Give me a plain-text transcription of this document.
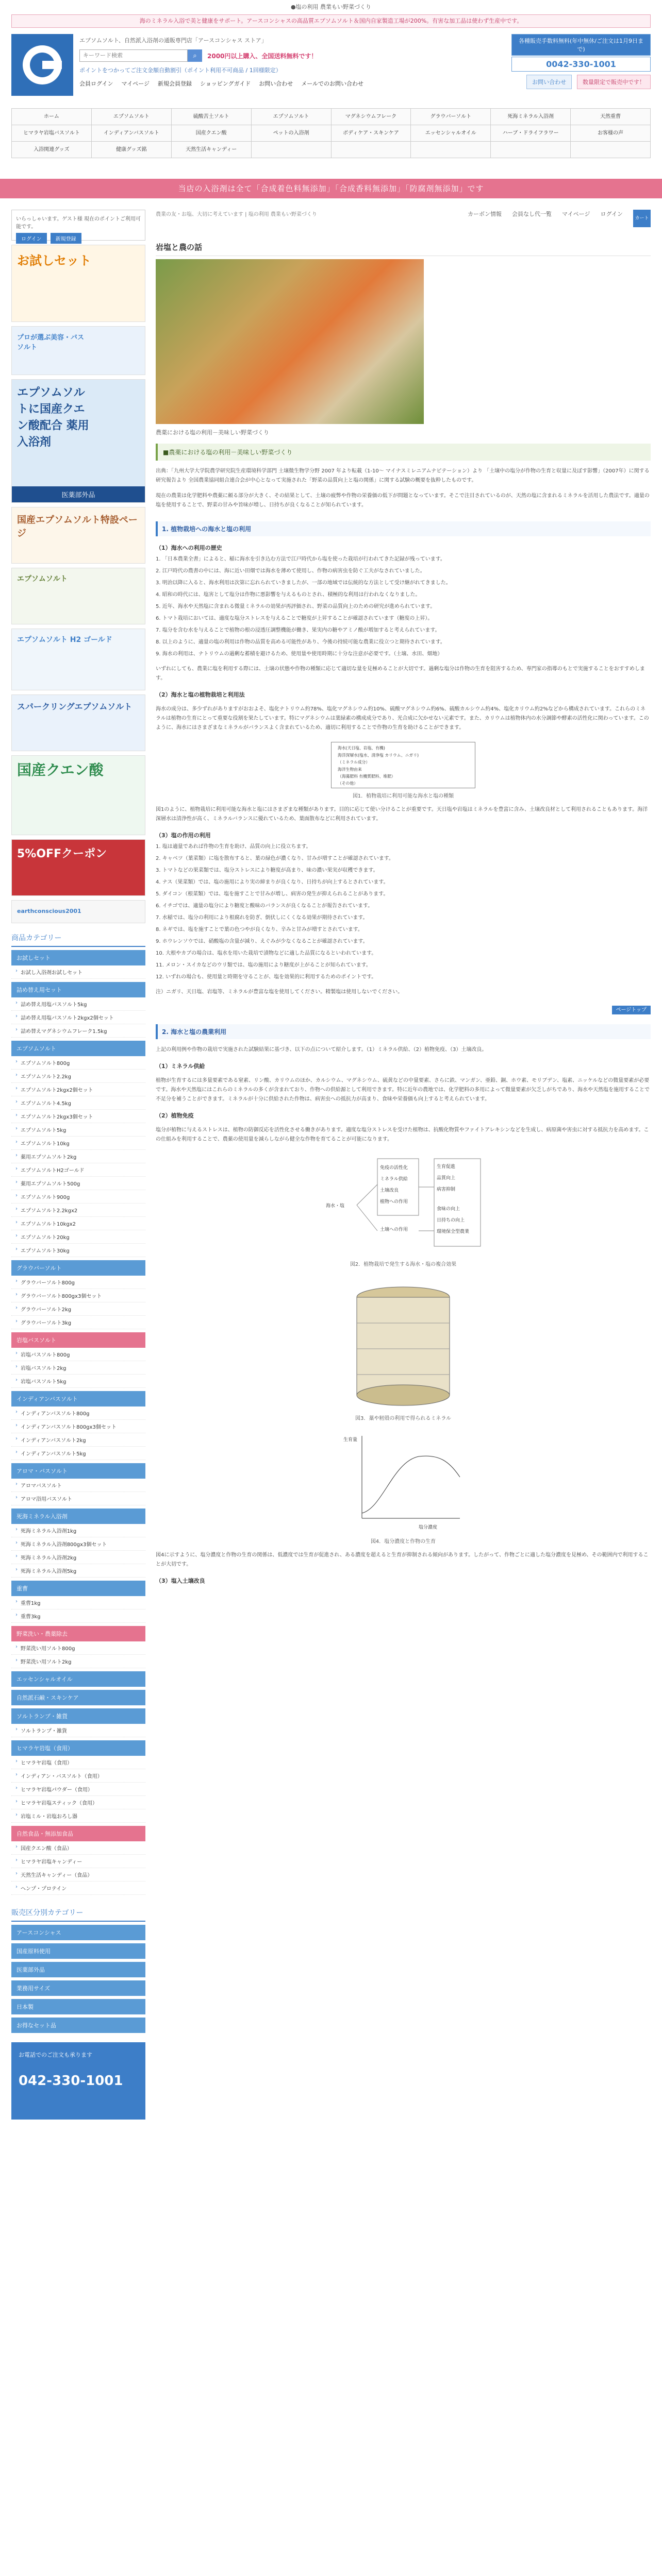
●塩の利用 農業もい野菜づくり
海のミネラル入浴で美と健康をサポート。アースコンシャスの高品質エプソムソルト＆国内自家製造工場が200%。有害な加工品は使わず生産中です。
エプソムソルト、自然派入浴剤の通販専門店「アースコンシャス ストア」
キーワード検索
⌕	2000円以上購入、全国送料無料です！
ポイントをつかってご注文金額自動割引（ポイント利用不可商品 / 1回様限定）
会員ログイン マイページ 新規会員登録 ショッピングガイド お問い合わせ メールでのお問い合わせ
各種販売手数料無料(年中無休/ご注文は1月9日まで)
0042-330-1001
お問い合わせ	数量限定で販売中です！
ホーム	エプソムソルト	硫酸苦土ソルト	エプソムソルト	マグネシウムフレーク	グラウバーソルト	死海ミネラル入浴剤	天然重曹
ヒマラヤ岩塩バスソルト	インディアンバスソルト	国産クエン酸	ペットの入浴剤	ボディケア・スキンケア	エッセンシャルオイル	ハーブ・ドライフラワー	お客様の声
入浴関連グッズ	健康グッズ銘	天然生活キャンディー
当店の入浴剤は全て「合成着色料無添加」「合成香料無添加」「防腐剤無添加」です
いらっしゃいます。ゲスト様 現在のポイントご利用可能です。
ログイン	新規登録
お試しセット
プロが選ぶ美容・バスソルト
エプソムソルトに国産クエン酸配合 薬用入浴剤
医薬部外品
国産エプソムソルト特設ページ
エプソムソルト
エプソムソルト H2 ゴールド
スパークリングエプソムソルト
国産クエン酸
5%OFFクーポン
earthconscious2001
商品カテゴリー
お試しセット
› お試し入浴剤お試しセット
詰め替え用セット
› 詰め替え用塩バスソルト5kg
› 詰め替え用塩バスソルト2kgx2個セット
› 詰め替えマグネシウムフレーク1.5kg
エプソムソルト
› エプソムソルト800g
› エプソムソルト2.2kg
› エプソムソルト2kgx2個セット
› エプソムソルト4.5kg
› エプソムソルト2kgx3個セット
› エプソムソルト5kg
› エプソムソルト10kg
› 薬用エプソムソルト2kg
› エプソムソルトH2ゴールド
› 薬用エプソムソルト500g
› エプソムソルト900g
› エプソムソルト2.2kgx2
› エプソムソルト10kgx2
› エプソムソルト20kg
› エプソムソルト30kg
グラウバーソルト
› グラウバーソルト800g
› グラウバーソルト800gx3個セット
› グラウバーソルト2kg
› グラウバーソルト3kg
岩塩バスソルト
› 岩塩バスソルト800g
› 岩塩バスソルト2kg
› 岩塩バスソルト5kg
インディアンバスソルト
› インディアンバスソルト800g
› インディアンバスソルト800gx3個セット
› インディアンバスソルト2kg
› インディアンバスソルト5kg
アロマ・バスソルト
› アロマバスソルト
› アロマ浴用バスソルト
死海ミネラル入浴剤
› 死海ミネラル入浴剤1kg
› 死海ミネラル入浴剤800gx3個セット
› 死海ミネラル入浴剤2kg
› 死海ミネラル入浴剤5kg
重曹
› 重曹1kg
› 重曹3kg
野菜洗い・農薬除去
› 野菜洗い用ソルト800g
› 野菜洗い用ソルト2kg
エッセンシャルオイル
自然派石鹸・スキンケア
ソルトランプ・雑貨
› ソルトランプ・雑貨
ヒマラヤ岩塩（食用）
› ヒマラヤ岩塩（食用）
› インディアン・バスソルト（食用）
› ヒマラヤ岩塩パウダー（食用）
› ヒマラヤ岩塩スティック（食用）
› 岩塩ミル・岩塩おろし器
自然食品・無添加食品
› 国産クエン酸（食品）
› ヒマラヤ岩塩キャンディー
› 天然生活キャンディー（食品）
› ヘンプ・プロテイン
販売区分別カテゴリー
アースコンシャス
国産原料使用
医薬部外品
業務用サイズ
日本製
お得なセット品
お電話でのご注文も承ります
042-330-1001
農業の友・お塩、大切に考えています | 塩の利用 農業もい野菜づくり	カーボン情報 会員なし代一覧 マイページ ログイン
カート
岩塩と農の話
農薬における塩の利用－美味しい野菜づくり
■農薬における塩の利用－美味しい野菜づくり
出典：「九州大学大学院農学研究院生産環境科学部門 土壌微生物学分野 2007 年より転載（1-10～ マイナスミレニアムナビテーション）より 「土壌中の塩分が作物の生育と収量に及ぼす影響」（2007年）に関する研究報告より 全国農業協同組合連合会が中心となって実施された「野菜の品質向上と塩の関係」に関する試験の概要を抜粋したものです。
現在の農業は化学肥料や農薬に頼る部分が大きく、その結果として、土壌の疲弊や作物の栄養価の低下が問題となっています。そこで注目されているのが、天然の塩に含まれるミネラルを活用した農法です。適量の塩を使用することで、野菜の甘みや旨味が増し、日持ちが良くなることが知られています。
1. 植物栽培への海水と塩の利用
（1）海水への利用の歴史
1. 「日本農業全書」によると、稲に海水を引き込む方法で江戸時代から塩を使った栽培が行われてきた記録が残っています。
2. 江戸時代の農書の中には、海に近い田畑では海水を薄めて使用し、作物の病害虫を防ぐ工夫がなされていました。
3. 明治以降に入ると、海水利用は次第に忘れられていきましたが、一部の地域では伝統的な方法として受け継がれてきました。
4. 昭和の時代には、塩害として塩分は作物に悪影響を与えるものとされ、積極的な利用は行われなくなりました。
5. 近年、海水や天然塩に含まれる微量ミネラルの効果が再評価され、野菜の品質向上のための研究が進められています。
6. トマト栽培においては、適度な塩分ストレスを与えることで糖度が上昇することが確認されています（糖度の上昇）。
7. 塩分を含む水を与えることで植物の根の浸透圧調整機能が働き、果実内の糖やアミノ酸が増加すると考えられています。
8. 以上のように、適量の塩の利用は作物の品質を高める可能性があり、今後の持続可能な農業に役立つと期待されています。
9. 海水の利用は、ナトリウムの過剰な蓄積を避けるため、使用量や使用時期に十分な注意が必要です。（土壌、水田、畑地）
いずれにしても、農業に塩を利用する際には、土壌の状態や作物の種類に応じて適切な量を見極めることが大切です。過剰な塩分は作物の生育を阻害するため、専門家の指導のもとで実施することをおすすめします。
（2）海水と塩の植物栽培と利用法
海水の成分は、多少ずれがありますがおおよそ、塩化ナトリウム約78%、塩化マグネシウム約10%、硫酸マグネシウム約6%、硫酸カルシウム約4%、塩化カリウム約2%などから構成されています。これらのミネラルは植物の生育にとって重要な役割を果たしています。特にマグネシウムは葉緑素の構成成分であり、光合成に欠かせない元素です。また、カリウムは植物体内の水分調節や酵素の活性化に関わっています。このように、海水にはさまざまなミネラルがバランスよく含まれているため、適切に利用することで作物の生育を助けることができます。
海水(天日塩、岩塩、有機)
海洋深層水(塩水、清浄塩 カリウム、ニガリ)
（ミネラル成分）
海洋生物由来
（海藻肥料 有機質肥料、堆肥）
（その他）
図1．植物栽培に利用可能な海水と塩の種類
図1のように、植物栽培に利用可能な海水と塩にはさまざまな種類があります。目的に応じて使い分けることが重要です。天日塩や岩塩はミネラルを豊富に含み、土壌改良材として利用されることもあります。海洋深層水は清浄性が高く、ミネラルバランスに優れているため、葉面散布などに利用されています。
（3）塩の作用の利用
1. 塩は適量であれば作物の生育を助け、品質の向上に役立ちます。
2. キャベツ（葉菜類）に塩を散布すると、葉の緑色が濃くなり、甘みが増すことが確認されています。
3. トマトなどの果菜類では、塩分ストレスにより糖度が高まり、味の濃い果実が収穫できます。
4. ナス（果菜類）では、塩の施用により実の締まりが良くなり、日持ちが向上するとされています。
5. ダイコン（根菜類）では、塩を施すことで甘みが増し、病害の発生が抑えられることがあります。
6. イチゴでは、適量の塩分により糖度と酸味のバランスが良くなることが報告されています。
7. 水稲では、塩分の利用により根腐れを防ぎ、倒伏しにくくなる効果が期待されています。
8. ネギでは、塩を施すことで葉の色つやが良くなり、辛みと甘みが増すとされています。
9. ホウレンソウでは、硝酸塩の含量が減り、えぐみが少なくなることが確認されています。
10. 大根やカブの場合は、塩水を用いた栽培で漬物などに適した品質になるといわれています。
11. メロン・スイカなどのウリ類では、塩の施用により糖度が上がることが知られています。
12. いずれの場合も、使用量と時期を守ることが、塩を効果的に利用するためのポイントです。
注）ニガリ、天日塩、岩塩等、ミネラルが豊富な塩を使用してください。精製塩は使用しないでください。
ページトップ
2. 海水と塩の農業利用
上記の利用例や作物の栽培で実施された試験結果に基づき、以下の点について紹介します。（1）ミネラル供給、（2）植物免疫、（3）土壌改良。
（1）ミネラル供給
植物が生育するには多量要素である窒素、リン酸、カリウムのほか、カルシウム、マグネシウム、硫黄などの中量要素、さらに鉄、マンガン、亜鉛、銅、ホウ素、モリブデン、塩素、ニッケルなどの微量要素が必要です。海水や天然塩にはこれらのミネラルの多くが含まれており、作物への供給源として利用できます。特に近年の農地では、化学肥料の多用によって微量要素が欠乏しがちであり、海水や天然塩を施用することで不足分を補うことができます。ミネラルが十分に供給された作物は、病害虫への抵抗力が高まり、食味や栄養価も向上すると考えられています。
（2）植物免疫
塩分が植物に与えるストレスは、植物の防御反応を活性化させる働きがあります。適度な塩分ストレスを受けた植物は、抗酸化物質やファイトアレキシンなどを生成し、病原菌や害虫に対する抵抗力を高めます。この仕組みを利用することで、農薬の使用量を減らしながら健全な作物を育てることが可能になります。
生育促進
品質向上
病害抑制
免疫の活性化
ミネラル供給
土壌改良
海水・塩
植物への作用
土壌への作用
食味の向上
日持ちの向上
環境保全型農業
図2．植物栽培で発生する海水・塩の複合効果
図3．藁や籾殻の利用で得られるミネラル
塩分濃度
生育量
図4．塩分濃度と作物の生育
図4に示すように、塩分濃度と作物の生育の関係は、低濃度では生育が促進され、ある濃度を超えると生育が抑制される傾向があります。したがって、作物ごとに適した塩分濃度を見極め、その範囲内で利用することが大切です。
（3）塩入土壌改良
